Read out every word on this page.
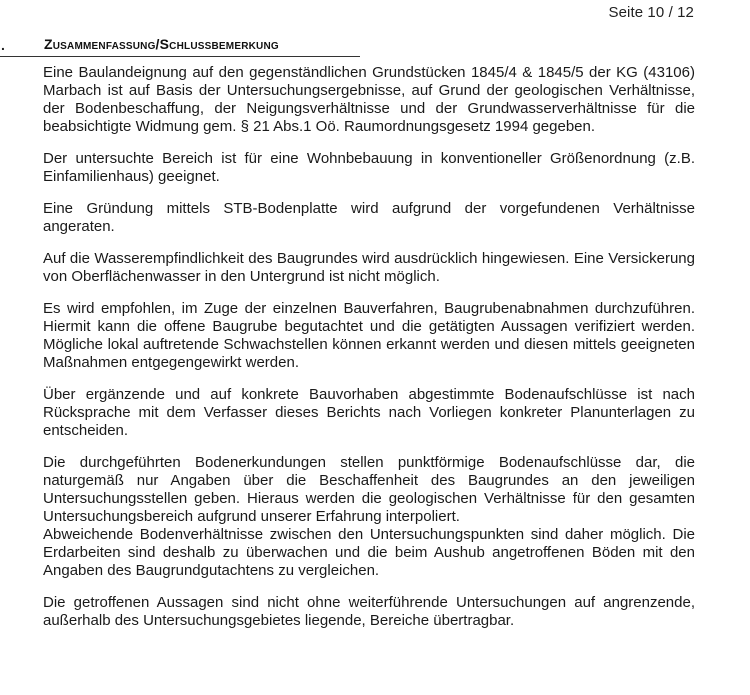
Seite 10 / 12
.	Zusammenfassung/Schlussbemerkung

Eine Baulandeignung auf den gegenständlichen Grundstücken 1845/4 & 1845/5 der KG (43106) Marbach ist auf Basis der Untersuchungsergebnisse, auf Grund der geologischen Verhältnisse, der Bodenbeschaffung, der Neigungsverhältnisse und der Grundwasserverhältnisse für die beabsichtigte Widmung gem. § 21 Abs.1 Oö. Raumordnungsgesetz 1994 gegeben.

Der untersuchte Bereich ist für eine Wohnbebauung in konventioneller Größenordnung (z.B. Einfamilienhaus) geeignet.

Eine Gründung mittels STB-Bodenplatte wird aufgrund der vorgefundenen Verhältnisse angeraten.

Auf die Wasserempfindlichkeit des Baugrundes wird ausdrücklich hingewiesen. Eine Versickerung von Oberflächenwasser in den Untergrund ist nicht möglich.

Es wird empfohlen, im Zuge der einzelnen Bauverfahren, Baugrubenabnahmen durchzuführen. Hiermit kann die offene Baugrube begutachtet und die getätigten Aussagen verifiziert werden. Mögliche lokal auftretende Schwachstellen können erkannt werden und diesen mittels geeigneten Maßnahmen entgegengewirkt werden.

Über ergänzende und auf konkrete Bauvorhaben abgestimmte Bodenaufschlüsse ist nach Rücksprache mit dem Verfasser dieses Berichts nach Vorliegen konkreter Planunterlagen zu entscheiden.

Die durchgeführten Bodenerkundungen stellen punktförmige Bodenaufschlüsse dar, die naturgemäß nur Angaben über die Beschaffenheit des Baugrundes an den jeweiligen Untersuchungsstellen geben. Hieraus werden die geologischen Verhältnisse für den gesamten Untersuchungsbereich aufgrund unserer Erfahrung interpoliert.

Abweichende Bodenverhältnisse zwischen den Untersuchungspunkten sind daher möglich. Die Erdarbeiten sind deshalb zu überwachen und die beim Aushub angetroffenen Böden mit den Angaben des Baugrundgutachtens zu vergleichen.

Die getroffenen Aussagen sind nicht ohne weiterführende Untersuchungen auf angrenzende, außerhalb des Untersuchungsgebietes liegende, Bereiche übertragbar.
